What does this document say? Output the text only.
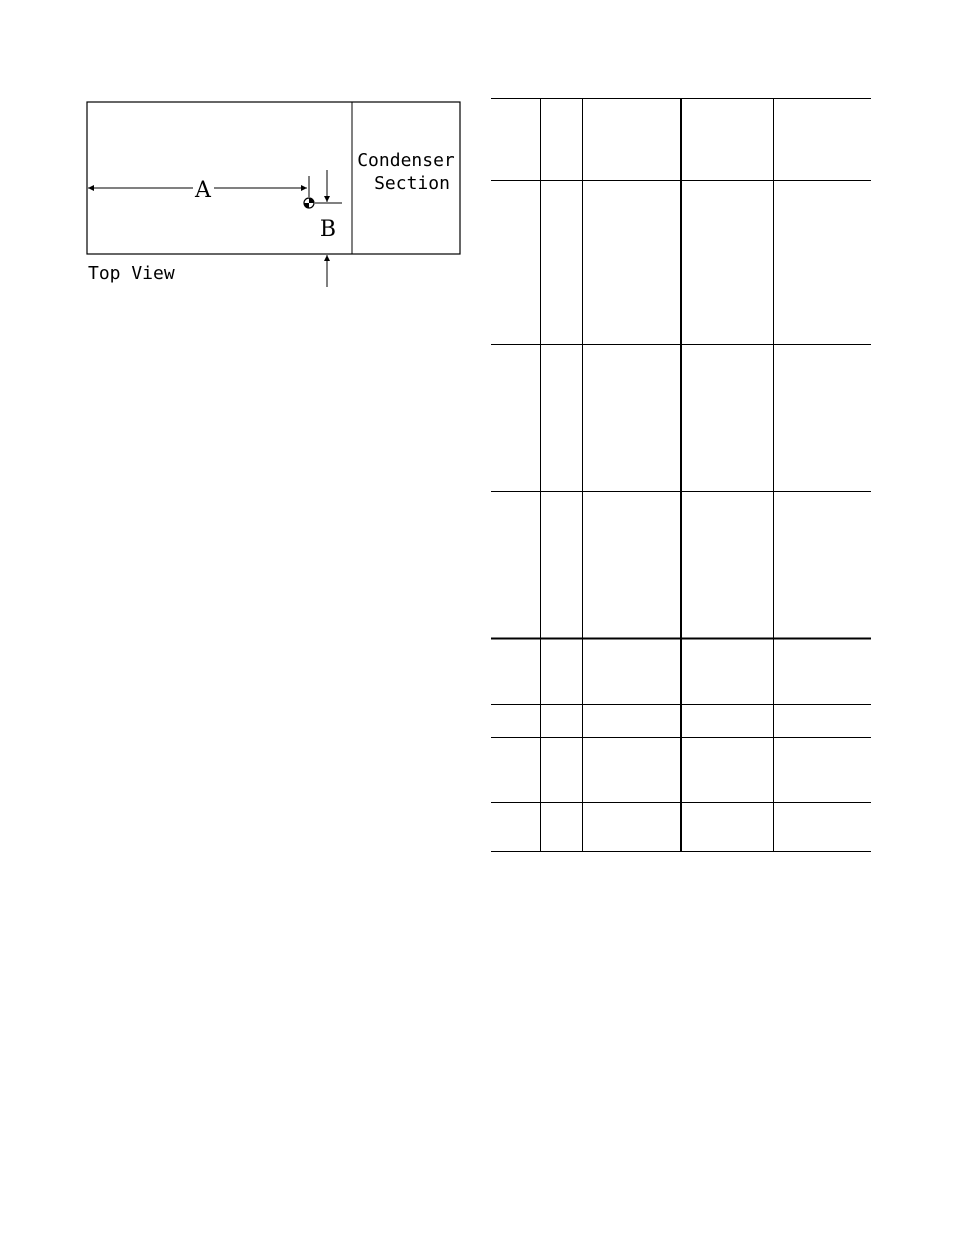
Condenser
Section
A
B
Top View
